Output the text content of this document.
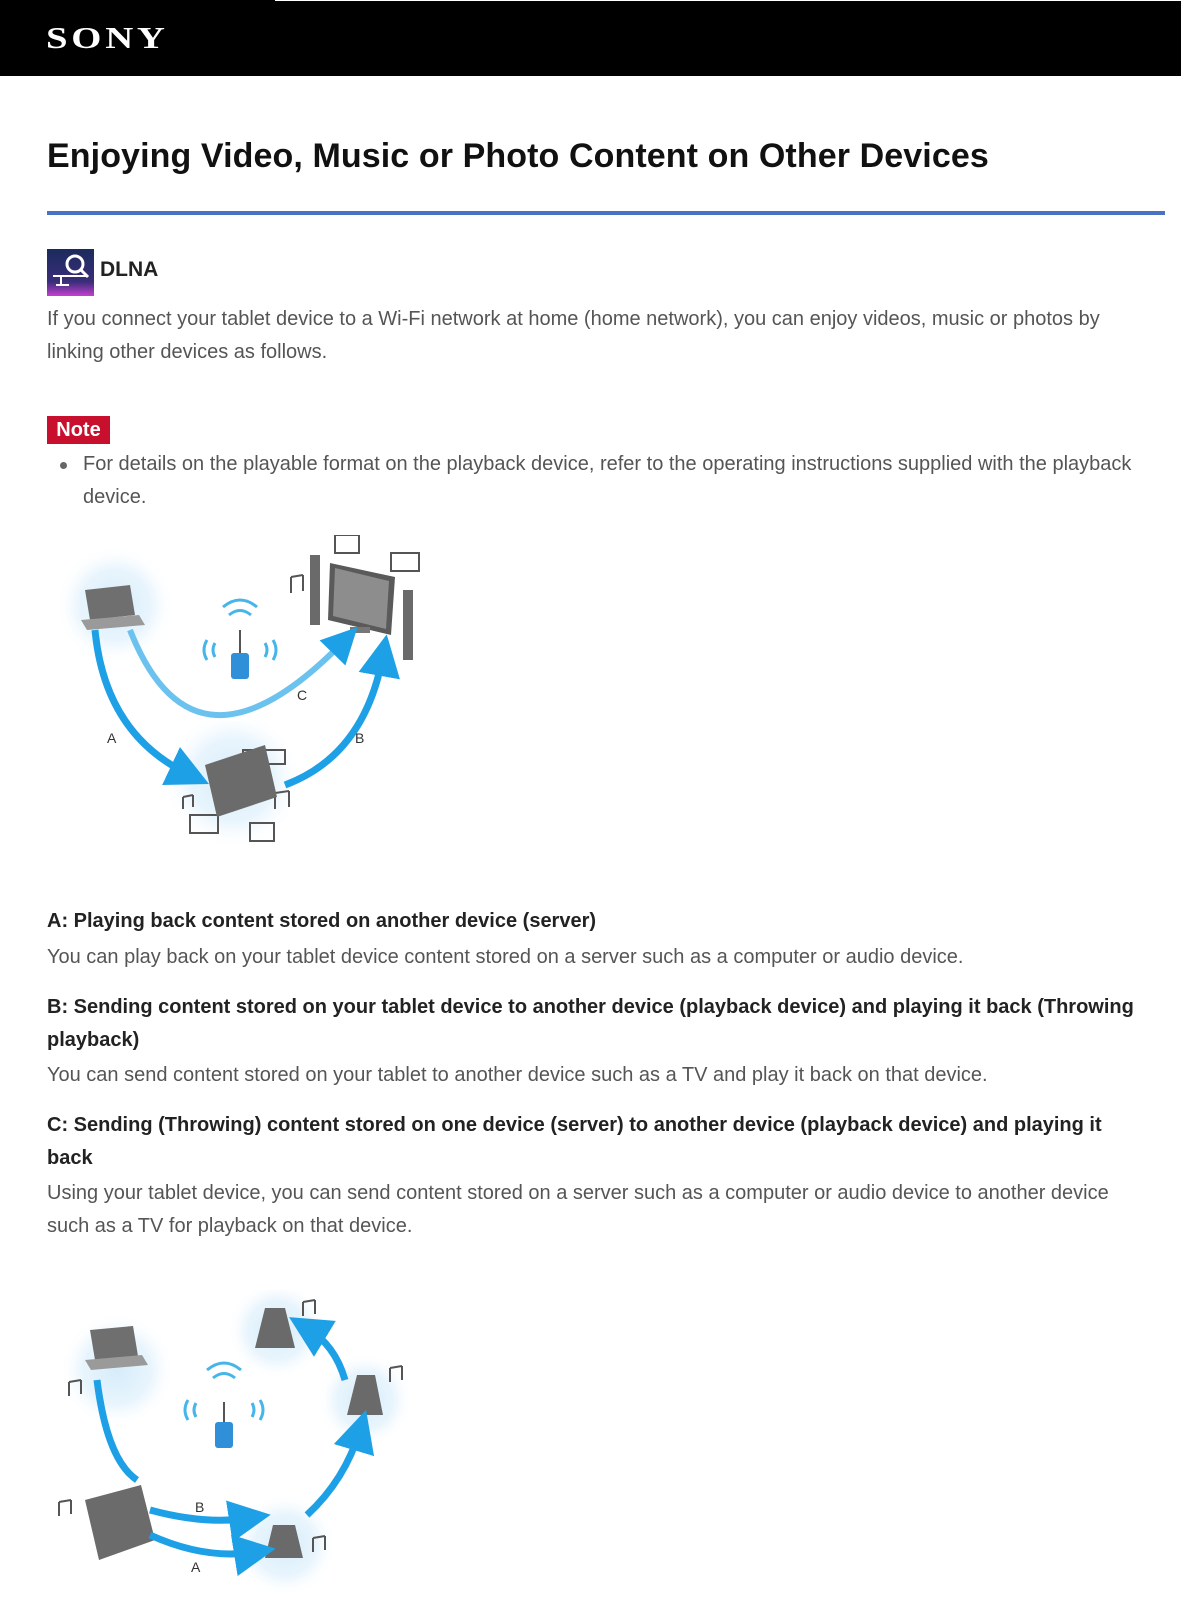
SONY
Enjoying Video, Music or Photo Content on Other Devices
DLNA

If you connect your tablet device to a Wi-Fi network at home (home network), you can enjoy videos, music or photos by linking other devices as follows.

Note

For details on the playable format on the playback device, refer to the operating instructions supplied with the playback device.

A	B
C

A: Playing back content stored on another device (server)

You can play back on your tablet device content stored on a server such as a computer or audio device.

B: Sending content stored on your tablet device to another device (playback device) and playing it back (Throwing playback)

You can send content stored on your tablet to another device such as a TV and play it back on that device.

C: Sending (Throwing) content stored on one device (server) to another device (playback device) and playing it back

Using your tablet device, you can send content stored on a server such as a computer or audio device to another device such as a TV for playback on that device.

B
A
